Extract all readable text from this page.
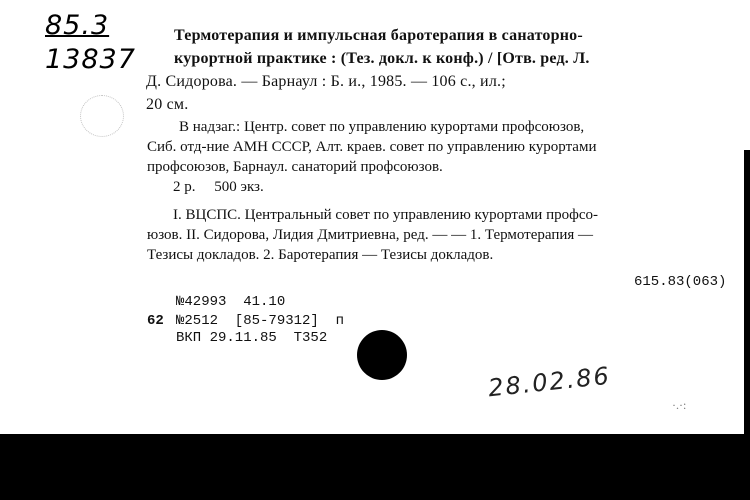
85.3
13837
Термотерапия и импульсная баротерапия в санаторно-
курортной практике : (Тез. докл. к конф.) / [Отв. ред. Л.
Д. Сидорова. — Барнаул : Б. и., 1985. — 106 с., ил.;
20 см.
В надзаг.: Центр. совет по управлению курортами профсоюзов,
Сиб. отд-ние АМН СССР, Алт. краев. совет по управлению курортами
профсоюзов, Барнаул. санаторий профсоюзов.
2 р.     500 экз.
I. ВЦСПС. Центральный совет по управлению курортами профсо-
юзов. II. Сидорова, Лидия Дмитриевна, ред. — — 1. Термотерапия —
Тезисы докладов. 2. Баротерапия — Тезисы докладов.
615.83(063)
№42993  41.10
62 №2512  [85-79312]  п
ВКП 29.11.85  Т352
28.02.86
·.·:
